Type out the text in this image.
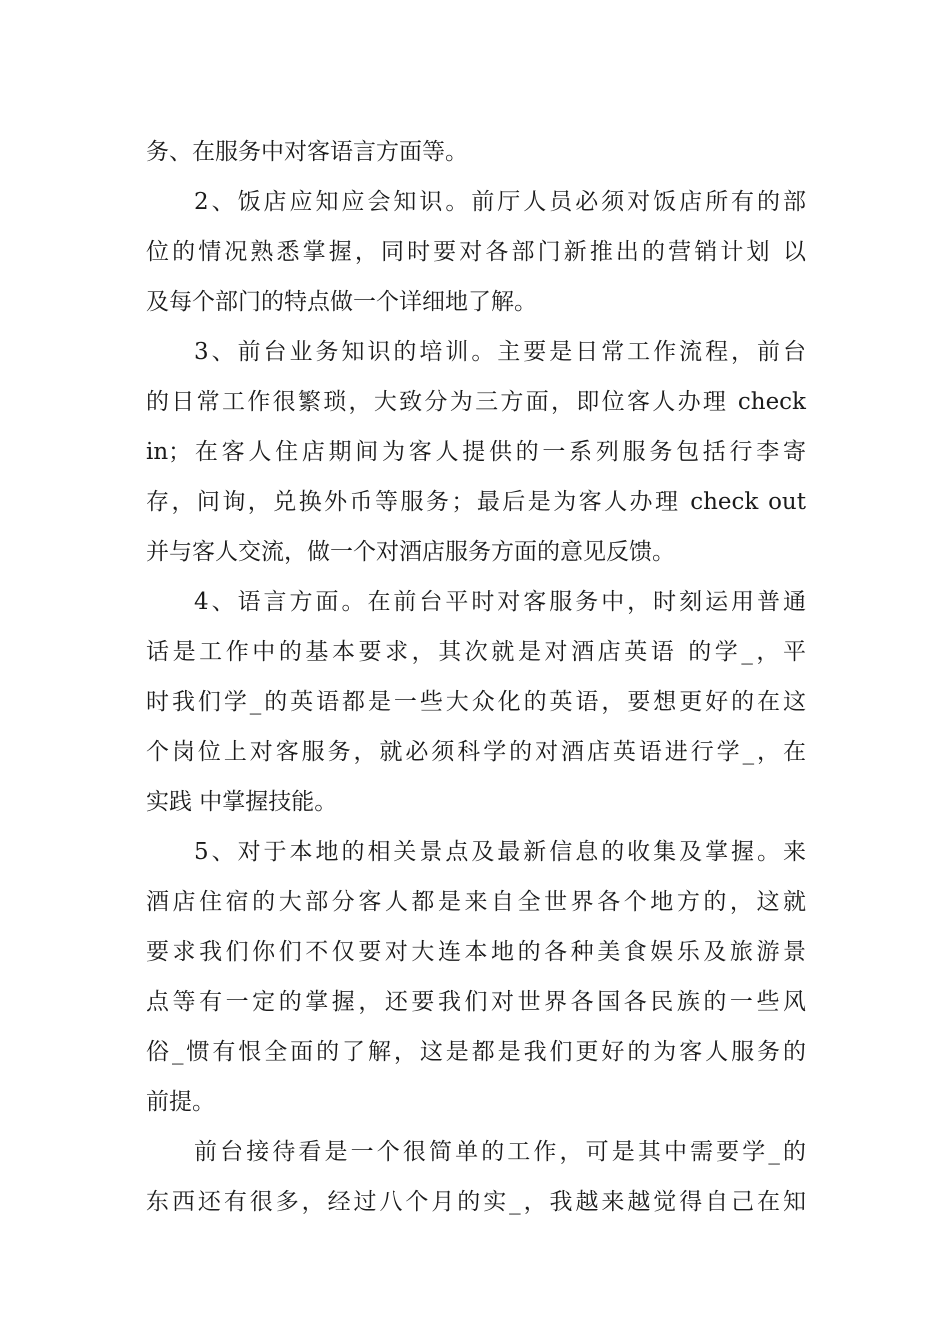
务、在服务中对客语言方面等。
2、饭店应知应会知识。前厅人员必须对饭店所有的部
位的情况熟悉掌握，同时要对各部门新推出的营销计划 以
及每个部门的特点做一个详细地了解。
3、前台业务知识的培训。主要是日常工作流程，前台
的日常工作很繁琐，大致分为三方面，即位客人办理 check
in；在客人住店期间为客人提供的一系列服务包括行李寄
存，问询，兑换外币等服务；最后是为客人办理 check out
并与客人交流，做一个对酒店服务方面的意见反馈。
4、语言方面。在前台平时对客服务中，时刻运用普通
话是工作中的基本要求，其次就是对酒店英语 的学_，平
时我们学_的英语都是一些大众化的英语，要想更好的在这
个岗位上对客服务，就必须科学的对酒店英语进行学_，在
实践 中掌握技能。
5、对于本地的相关景点及最新信息的收集及掌握。来
酒店住宿的大部分客人都是来自全世界各个地方的，这就
要求我们你们不仅要对大连本地的各种美食娱乐及旅游景
点等有一定的掌握，还要我们对世界各国各民族的一些风
俗_惯有恨全面的了解，这是都是我们更好的为客人服务的
前提。
前台接待看是一个很简单的工作，可是其中需要学_的
东西还有很多，经过八个月的实_，我越来越觉得自己在知
